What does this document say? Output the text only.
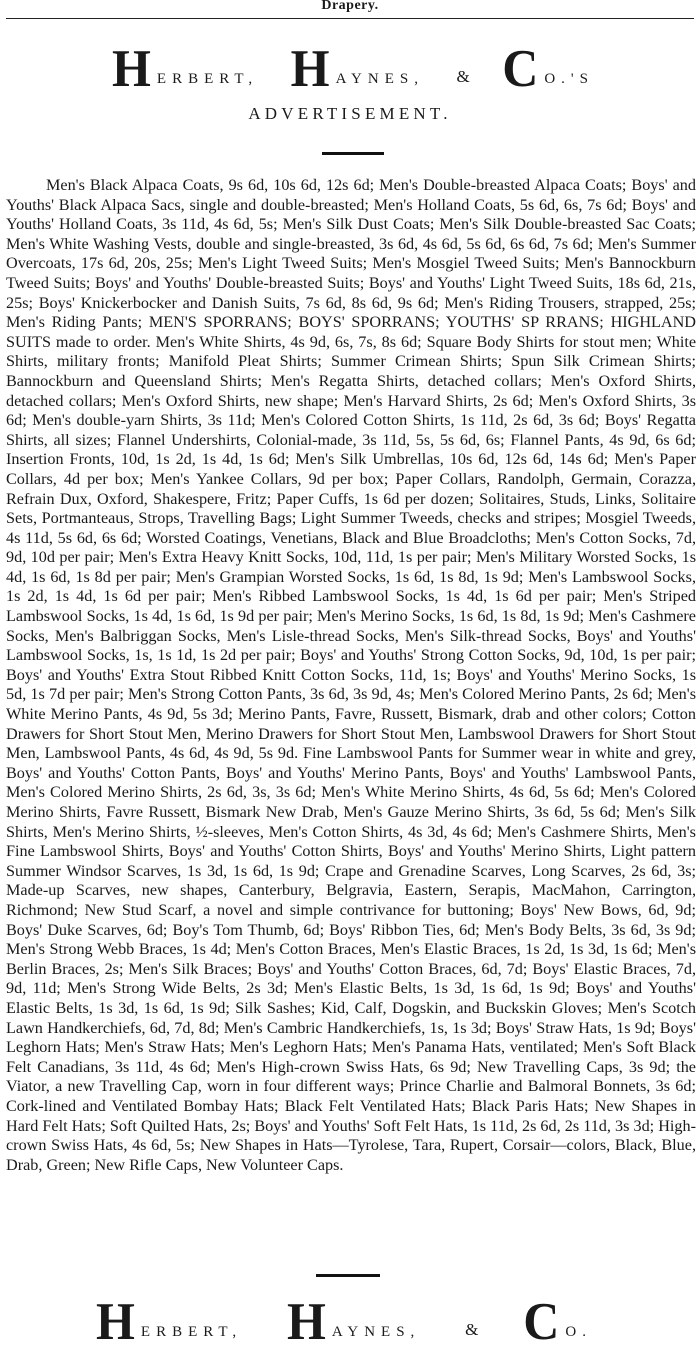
Drapery.
H ERBERT, H AYNES, & C O.'S
ADVERTISEMENT.

Men's Black Alpaca Coats, 9s 6d, 10s 6d, 12s 6d; Men's Double-breasted Alpaca Coats; Boys' and Youths' Black Alpaca Sacs, single and double-breasted; Men's Holland Coats, 5s 6d, 6s, 7s 6d; Boys' and Youths' Holland Coats, 3s 11d, 4s 6d, 5s; Men's Silk Dust Coats; Men's Silk Double-breasted Sac Coats; Men's White Washing Vests, double and single-breasted, 3s 6d, 4s 6d, 5s 6d, 6s 6d, 7s 6d; Men's Summer Overcoats, 17s 6d, 20s, 25s; Men's Light Tweed Suits; Men's Mosgiel Tweed Suits; Men's Bannockburn Tweed Suits; Boys' and Youths' Double-breasted Suits; Boys' and Youths' Light Tweed Suits, 18s 6d, 21s, 25s; Boys' Knickerbocker and Danish Suits, 7s 6d, 8s 6d, 9s 6d; Men's Riding Trousers, strapped, 25s; Men's Riding Pants; MEN'S SPORRANS; BOYS' SPORRANS; YOUTHS' SP RRANS; HIGHLAND SUITS made to order. Men's White Shirts, 4s 9d, 6s, 7s, 8s 6d; Square Body Shirts for stout men; White Shirts, military fronts; Manifold Pleat Shirts; Summer Crimean Shirts; Spun Silk Crimean Shirts; Bannockburn and Queensland Shirts; Men's Regatta Shirts, detached collars; Men's Oxford Shirts, detached collars; Men's Oxford Shirts, new shape; Men's Harvard Shirts, 2s 6d; Men's Oxford Shirts, 3s 6d; Men's double-yarn Shirts, 3s 11d; Men's Colored Cotton Shirts, 1s 11d, 2s 6d, 3s 6d; Boys' Regatta Shirts, all sizes; Flannel Undershirts, Colonial-made, 3s 11d, 5s, 5s 6d, 6s; Flannel Pants, 4s 9d, 6s 6d; Insertion Fronts, 10d, 1s 2d, 1s 4d, 1s 6d; Men's Silk Umbrellas, 10s 6d, 12s 6d, 14s 6d; Men's Paper Collars, 4d per box; Men's Yankee Collars, 9d per box; Paper Collars, Randolph, Germain, Corazza, Refrain Dux, Oxford, Shakespere, Fritz; Paper Cuffs, 1s 6d per dozen; Solitaires, Studs, Links, Solitaire Sets, Portmanteaus, Strops, Travelling Bags; Light Summer Tweeds, checks and stripes; Mosgiel Tweeds, 4s 11d, 5s 6d, 6s 6d; Worsted Coatings, Venetians, Black and Blue Broadcloths; Men's Cotton Socks, 7d, 9d, 10d per pair; Men's Extra Heavy Knitt Socks, 10d, 11d, 1s per pair; Men's Military Worsted Socks, 1s 4d, 1s 6d, 1s 8d per pair; Men's Grampian Worsted Socks, 1s 6d, 1s 8d, 1s 9d; Men's Lambswool Socks, 1s 2d, 1s 4d, 1s 6d per pair; Men's Ribbed Lambswool Socks, 1s 4d, 1s 6d per pair; Men's Striped Lambswool Socks, 1s 4d, 1s 6d, 1s 9d per pair; Men's Merino Socks, 1s 6d, 1s 8d, 1s 9d; Men's Cashmere Socks, Men's Balbriggan Socks, Men's Lisle-thread Socks, Men's Silk-thread Socks, Boys' and Youths' Lambswool Socks, 1s, 1s 1d, 1s 2d per pair; Boys' and Youths' Strong Cotton Socks, 9d, 10d, 1s per pair; Boys' and Youths' Extra Stout Ribbed Knitt Cotton Socks, 11d, 1s; Boys' and Youths' Merino Socks, 1s 5d, 1s 7d per pair; Men's Strong Cotton Pants, 3s 6d, 3s 9d, 4s; Men's Colored Merino Pants, 2s 6d; Men's White Merino Pants, 4s 9d, 5s 3d; Merino Pants, Favre, Russett, Bismark, drab and other colors; Cotton Drawers for Short Stout Men, Merino Drawers for Short Stout Men, Lambswool Drawers for Short Stout Men, Lambswool Pants, 4s 6d, 4s 9d, 5s 9d. Fine Lambswool Pants for Summer wear in white and grey, Boys' and Youths' Cotton Pants, Boys' and Youths' Merino Pants, Boys' and Youths' Lambswool Pants, Men's Colored Merino Shirts, 2s 6d, 3s, 3s 6d; Men's White Merino Shirts, 4s 6d, 5s 6d; Men's Colored Merino Shirts, Favre Russett, Bismark New Drab, Men's Gauze Merino Shirts, 3s 6d, 5s 6d; Men's Silk Shirts, Men's Merino Shirts, ½-sleeves, Men's Cotton Shirts, 4s 3d, 4s 6d; Men's Cashmere Shirts, Men's Fine Lambswool Shirts, Boys' and Youths' Cotton Shirts, Boys' and Youths' Merino Shirts, Light pattern Summer Windsor Scarves, 1s 3d, 1s 6d, 1s 9d; Crape and Grenadine Scarves, Long Scarves, 2s 6d, 3s; Made-up Scarves, new shapes, Canterbury, Belgravia, Eastern, Serapis, MacMahon, Carrington, Richmond; New Stud Scarf, a novel and simple contrivance for buttoning; Boys' New Bows, 6d, 9d; Boys' Duke Scarves, 6d; Boy's Tom Thumb, 6d; Boys' Ribbon Ties, 6d; Men's Body Belts, 3s 6d, 3s 9d; Men's Strong Webb Braces, 1s 4d; Men's Cotton Braces, Men's Elastic Braces, 1s 2d, 1s 3d, 1s 6d; Men's Berlin Braces, 2s; Men's Silk Braces; Boys' and Youths' Cotton Braces, 6d, 7d; Boys' Elastic Braces, 7d, 9d, 11d; Men's Strong Wide Belts, 2s 3d; Men's Elastic Belts, 1s 3d, 1s 6d, 1s 9d; Boys' and Youths' Elastic Belts, 1s 3d, 1s 6d, 1s 9d; Silk Sashes; Kid, Calf, Dogskin, and Buckskin Gloves; Men's Scotch Lawn Handkerchiefs, 6d, 7d, 8d; Men's Cambric Handkerchiefs, 1s, 1s 3d; Boys' Straw Hats, 1s 9d; Boys' Leghorn Hats; Men's Straw Hats; Men's Leghorn Hats; Men's Panama Hats, ventilated; Men's Soft Black Felt Canadians, 3s 11d, 4s 6d; Men's High-crown Swiss Hats, 6s 9d; New Travelling Caps, 3s 9d; the Viator, a new Travelling Cap, worn in four different ways; Prince Charlie and Balmoral Bonnets, 3s 6d; Cork-lined and Ventilated Bombay Hats; Black Felt Ventilated Hats; Black Paris Hats; New Shapes in Hard Felt Hats; Soft Quilted Hats, 2s; Boys' and Youths' Soft Felt Hats, 1s 11d, 2s 6d, 2s 11d, 3s 3d; High-crown Swiss Hats, 4s 6d, 5s; New Shapes in Hats—Tyrolese, Tara, Rupert, Corsair—colors, Black, Blue, Drab, Green; New Rifle Caps, New Volunteer Caps.

H ERBERT, H AYNES,	& C O.
